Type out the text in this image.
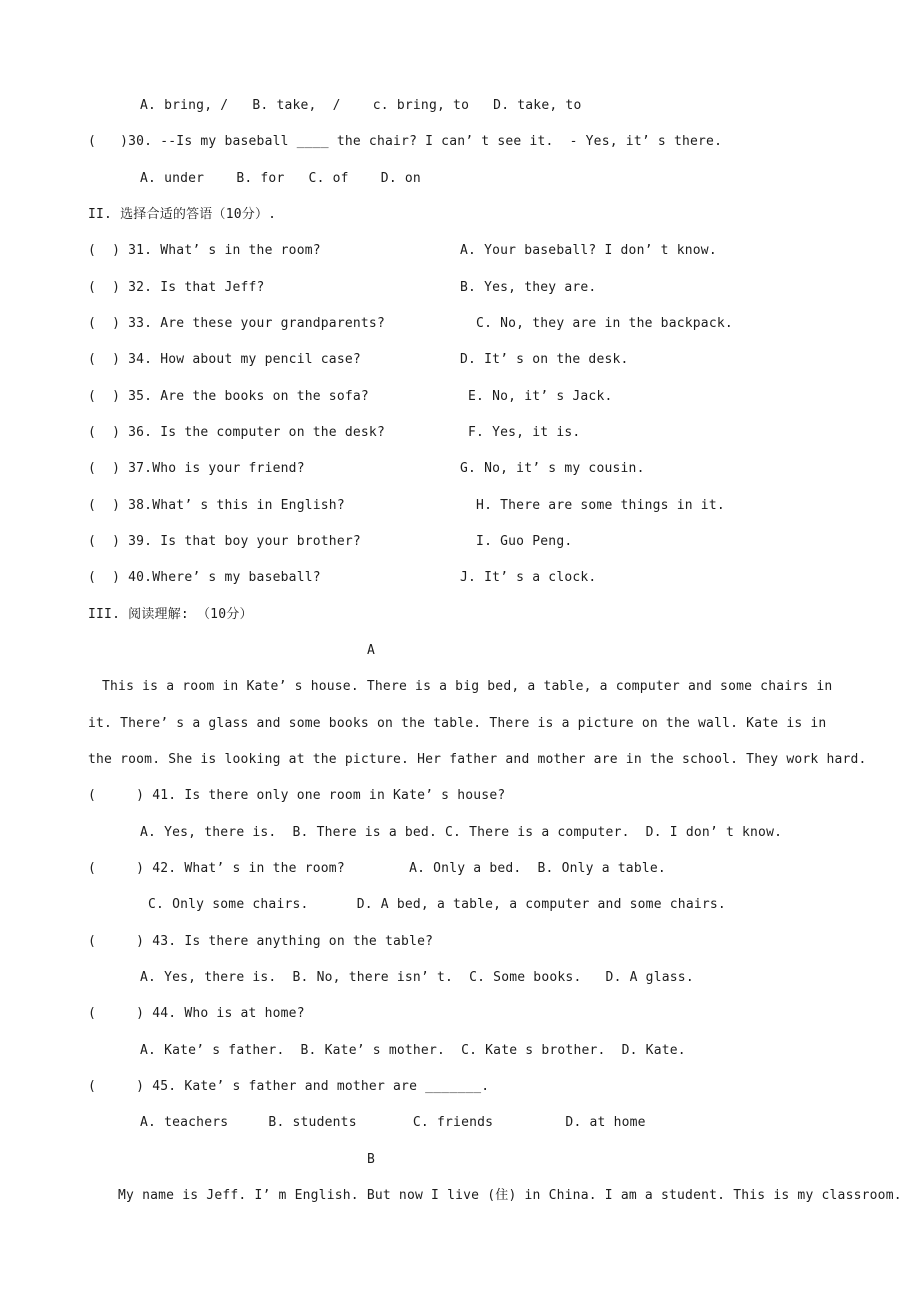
A. bring, /   B. take,  /    c. bring, to   D. take, to
(   )30. --Is my baseball ____ the chair? I can’ t see it.  - Yes, it’ s there.
A. under    B. for   C. of    D. on
II. 选择合适的答语（10分）.
(  ) 31. What’ s in the room?	A. Your baseball? I don’ t know.
(  ) 32. Is that Jeff?	B. Yes, they are.
(  ) 33. Are these your grandparents?	C. No, they are in the backpack.
(  ) 34. How about my pencil case?	D. It’ s on the desk.
(  ) 35. Are the books on the sofa?	E. No, it’ s Jack.
(  ) 36. Is the computer on the desk?	F. Yes, it is.
(  ) 37.Who is your friend?	G. No, it’ s my cousin.
(  ) 38.What’ s this in English?	H. There are some things in it.
(  ) 39. Is that boy your brother?	I. Guo Peng.
(  ) 40.Where’ s my baseball?	J. It’ s a clock.
III. 阅读理解: （10分）
A
This is a room in Kate’ s house. There is a big bed, a table, a computer and some chairs in
it. There’ s a glass and some books on the table. There is a picture on the wall. Kate is in
the room. She is looking at the picture. Her father and mother are in the school. They work hard.
(     ) 41. Is there only one room in Kate’ s house?
A. Yes, there is.  B. There is a bed. C. There is a computer.  D. I don’ t know.
(     ) 42. What’ s in the room?        A. Only a bed.  B. Only a table.
C. Only some chairs.      D. A bed, a table, a computer and some chairs.
(     ) 43. Is there anything on the table?
A. Yes, there is.  B. No, there isn’ t.  C. Some books.   D. A glass.
(     ) 44. Who is at home?
A. Kate’ s father.  B. Kate’ s mother.  C. Kate s brother.  D. Kate.
(     ) 45. Kate’ s father and mother are _______.
A. teachers     B. students       C. friends         D. at home
B
My name is Jeff. I’ m English. But now I live (住) in China. I am a student. This is my classroom.
